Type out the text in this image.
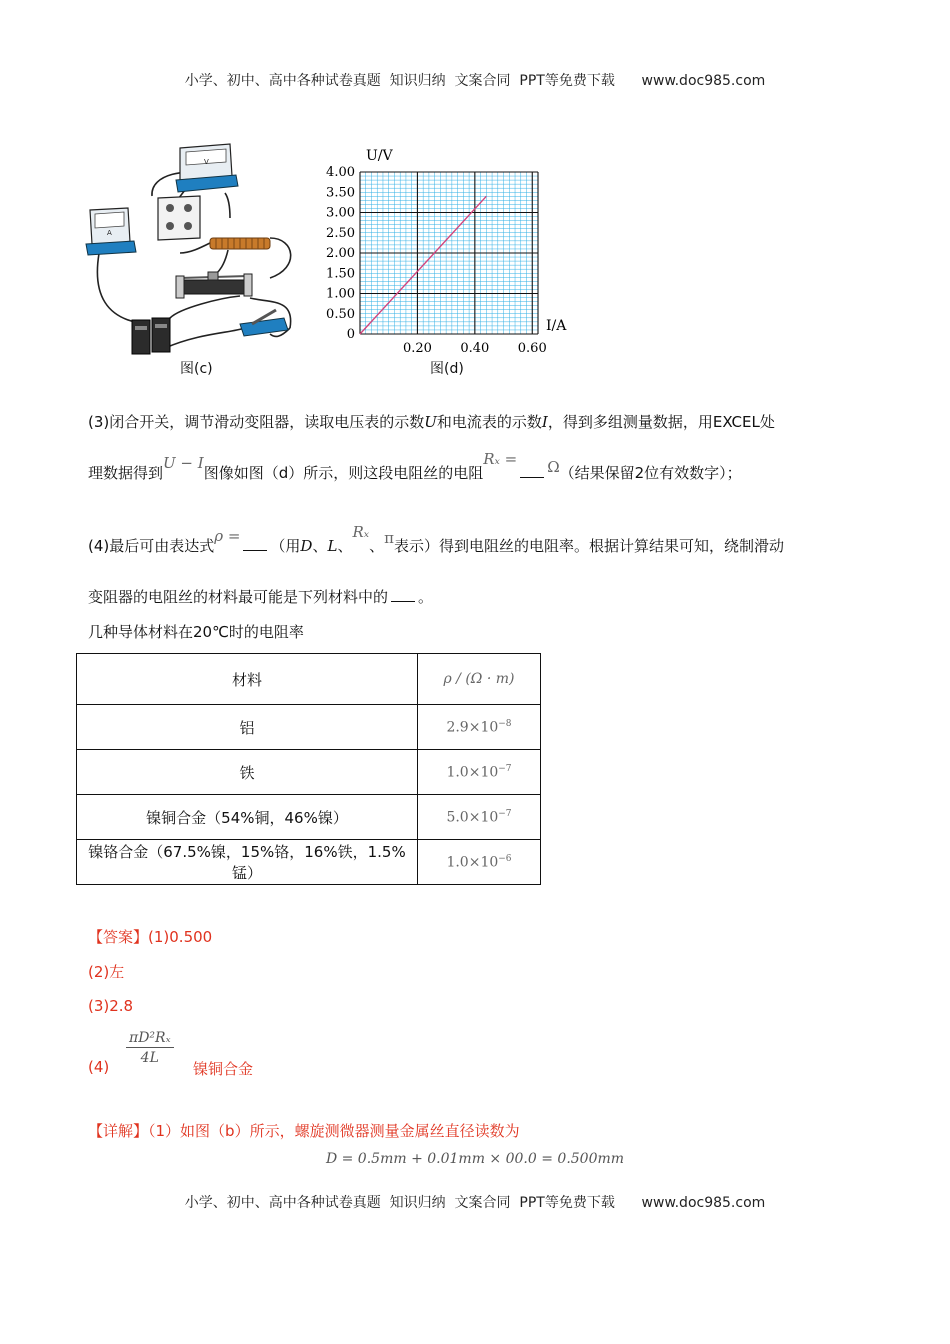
小学、初中、高中各种试卷真题  知识归纳  文案合同  PPT等免费下载      www.doc985.com
V
A
图(c)
0
0.50
1.00
1.50
2.00
2.50
3.00
3.50
4.00
0.20 0.40 0.60
U/V
I/A
图(d)
(3)闭合开关，调节滑动变阻器，读取电压表的示数U和电流表的示数I，得到多组测量数据，用EXCEL处
理数据得到U − I图像如图（d）所示，则这段电阻丝的电阻Rₓ = Ω（结果保留2位有效数字）；
(4)最后可由表达式ρ =（用D、L、Rₓ、π表示）得到电阻丝的电阻率。根据计算结果可知，绕制滑动
变阻器的电阻丝的材料最可能是下列材料中的 。
几种导体材料在20℃时的电阻率
材料	ρ / (Ω · m)
铝	$2.9\times 10^{-8}$
铁	$1.0\times 10^{-7}$
镍铜合金（54%铜，46%镍）	$5.0\times 10^{-7}$
镍铬合金（67.5%镍，15%铬，16%铁，1.5%锰）	$1.0\times 10^{-6}$
【答案】(1)0.500
(2)左
(3)2.8
(4)
$\frac{\text{πD²Rₓ}}{4L}$
镍铜合金
【详解】（1）如图（b）所示，螺旋测微器测量金属丝直径读数为
D = 0.5mm + 0.01mm × 00.0 = 0.500mm
小学、初中、高中各种试卷真题  知识归纳  文案合同  PPT等免费下载      www.doc985.com
